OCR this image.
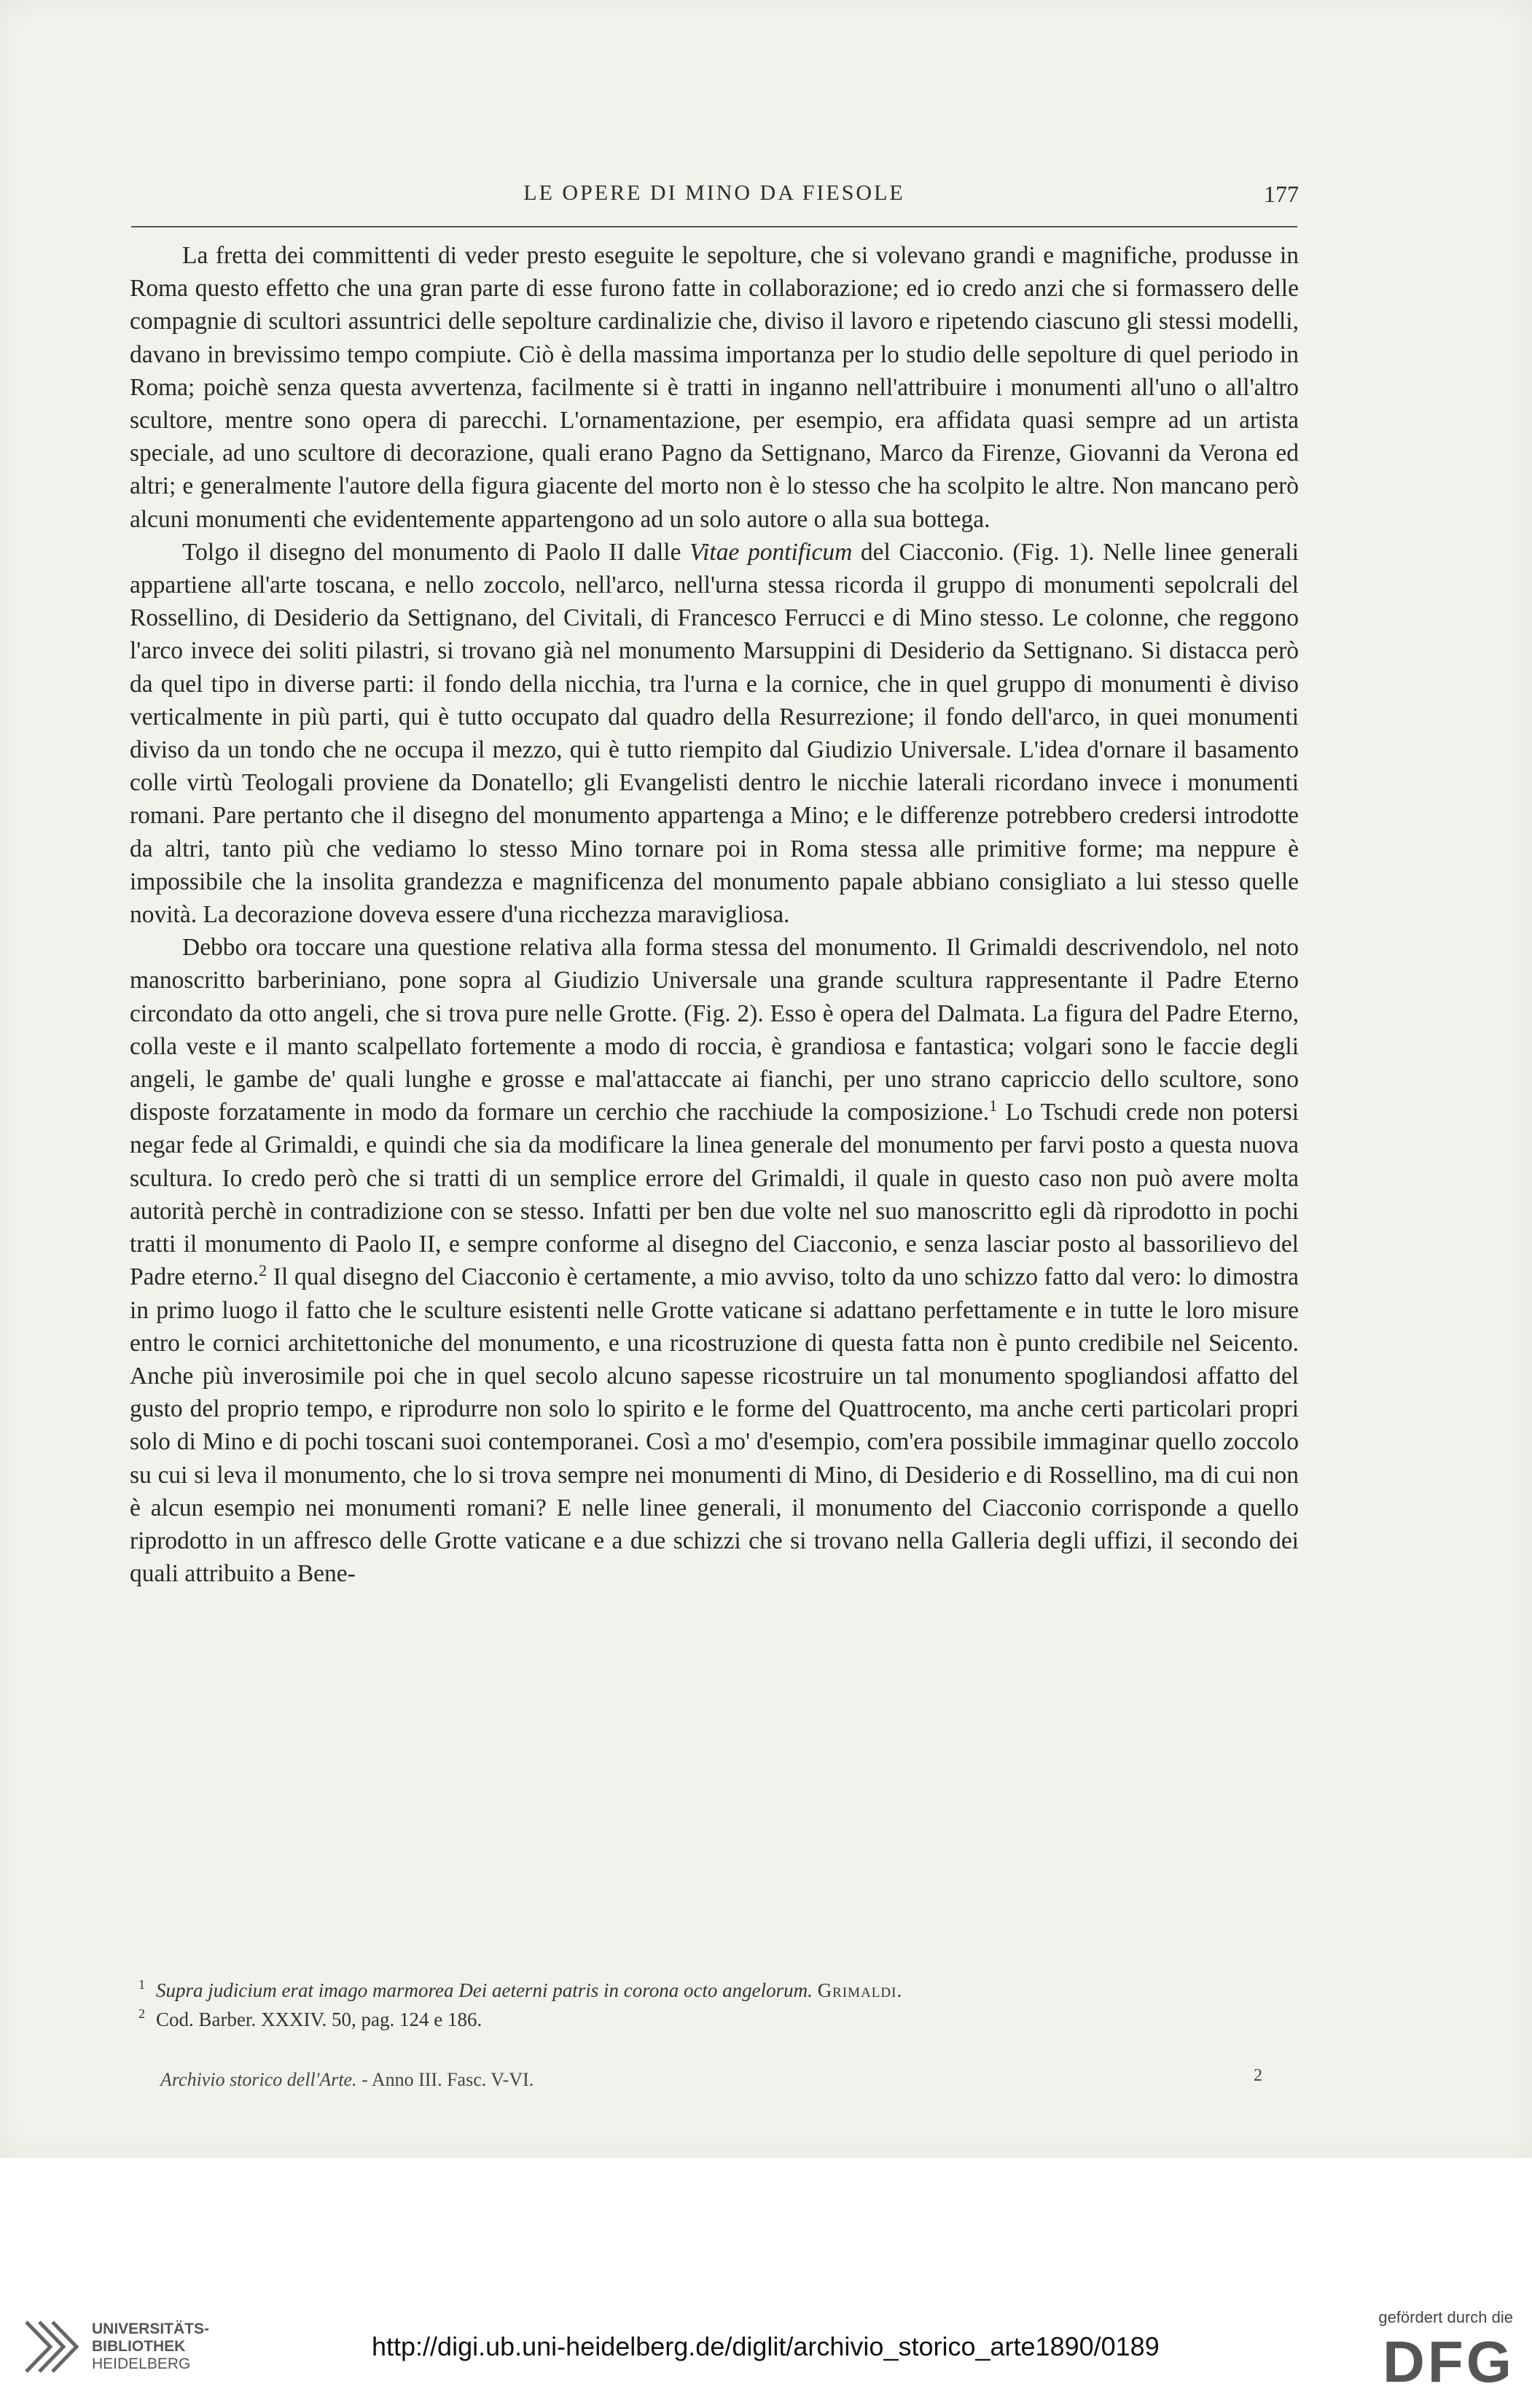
LE OPERE DI MINO DA FIESOLE	177

La fretta dei committenti di veder presto eseguite le sepolture, che si volevano grandi e magnifiche, produsse in Roma questo effetto che una gran parte di esse furono fatte in collaborazione; ed io credo anzi che si formassero delle compagnie di scultori assuntrici delle sepolture cardinalizie che, diviso il lavoro e ripetendo ciascuno gli stessi modelli, davano in brevissimo tempo compiute. Ciò è della massima importanza per lo studio delle sepolture di quel periodo in Roma; poichè senza questa avvertenza, facilmente si è tratti in inganno nell'attribuire i monumenti all'uno o all'altro scultore, mentre sono opera di parecchi. L'ornamentazione, per esempio, era affidata quasi sempre ad un artista speciale, ad uno scultore di decorazione, quali erano Pagno da Settignano, Marco da Firenze, Giovanni da Verona ed altri; e generalmente l'autore della figura giacente del morto non è lo stesso che ha scolpito le altre. Non mancano però alcuni monumenti che evidentemente appartengono ad un solo autore o alla sua bottega.

Tolgo il disegno del monumento di Paolo II dalle Vitae pontificum del Ciacconio. (Fig. 1). Nelle linee generali appartiene all'arte toscana, e nello zoccolo, nell'arco, nell'urna stessa ricorda il gruppo di monumenti sepolcrali del Rossellino, di Desiderio da Settignano, del Civitali, di Francesco Ferrucci e di Mino stesso. Le colonne, che reggono l'arco invece dei soliti pilastri, si trovano già nel monumento Marsuppini di Desiderio da Settignano. Si distacca però da quel tipo in diverse parti: il fondo della nicchia, tra l'urna e la cornice, che in quel gruppo di monumenti è diviso verticalmente in più parti, qui è tutto occupato dal quadro della Resurrezione; il fondo dell'arco, in quei monumenti diviso da un tondo che ne occupa il mezzo, qui è tutto riempito dal Giudizio Universale. L'idea d'ornare il basamento colle virtù Teologali proviene da Donatello; gli Evangelisti dentro le nicchie laterali ricordano invece i monumenti romani. Pare pertanto che il disegno del monumento appartenga a Mino; e le differenze potrebbero credersi introdotte da altri, tanto più che vediamo lo stesso Mino tornare poi in Roma stessa alle primitive forme; ma neppure è impossibile che la insolita grandezza e magnificenza del monumento papale abbiano consigliato a lui stesso quelle novità. La decorazione doveva essere d'una ricchezza maravigliosa.

Debbo ora toccare una questione relativa alla forma stessa del monumento. Il Grimaldi descrivendolo, nel noto manoscritto barberiniano, pone sopra al Giudizio Universale una grande scultura rappresentante il Padre Eterno circondato da otto angeli, che si trova pure nelle Grotte. (Fig. 2). Esso è opera del Dalmata. La figura del Padre Eterno, colla veste e il manto scalpellato fortemente a modo di roccia, è grandiosa e fantastica; volgari sono le faccie degli angeli, le gambe de' quali lunghe e grosse e mal'attaccate ai fianchi, per uno strano capriccio dello scultore, sono disposte forzatamente in modo da formare un cerchio che racchiude la composizione.$^1$ Lo Tschudi crede non potersi negar fede al Grimaldi, e quindi che sia da modificare la linea generale del monumento per farvi posto a questa nuova scultura. Io credo però che si tratti di un semplice errore del Grimaldi, il quale in questo caso non può avere molta autorità perchè in contradizione con se stesso. Infatti per ben due volte nel suo manoscritto egli dà riprodotto in pochi tratti il monumento di Paolo II, e sempre conforme al disegno del Ciacconio, e senza lasciar posto al bassorilievo del Padre eterno.$^2$ Il qual disegno del Ciacconio è certamente, a mio avviso, tolto da uno schizzo fatto dal vero: lo dimostra in primo luogo il fatto che le sculture esistenti nelle Grotte vaticane si adattano perfettamente e in tutte le loro misure entro le cornici architettoniche del monumento, e una ricostruzione di questa fatta non è punto credibile nel Seicento. Anche più inverosimile poi che in quel secolo alcuno sapesse ricostruire un tal monumento spogliandosi affatto del gusto del proprio tempo, e riprodurre non solo lo spirito e le forme del Quattrocento, ma anche certi particolari propri solo di Mino e di pochi toscani suoi contemporanei. Così a mo' d'esempio, com'era possibile immaginar quello zoccolo su cui si leva il monumento, che lo si trova sempre nei monumenti di Mino, di Desiderio e di Rossellino, ma di cui non è alcun esempio nei monumenti romani? E nelle linee generali, il monumento del Ciacconio corrisponde a quello riprodotto in un affresco delle Grotte vaticane e a due schizzi che si trovano nella Galleria degli uffizi, il secondo dei quali attribuito a Bene-

1 Supra judicium erat imago marmorea Dei aeterni patris in corona octo angelorum. Grimaldi.
2 Cod. Barber. XXXIV. 50, pag. 124 e 186.
Archivio storico dell'Arte. - Anno III. Fasc. V-VI.	2
UNIVERSITÄTS-
BIBLIOTHEK
HEIDELBERG
http://digi.ub.uni-heidelberg.de/diglit/archivio_storico_arte1890/0189
gefördert durch die
DFG
